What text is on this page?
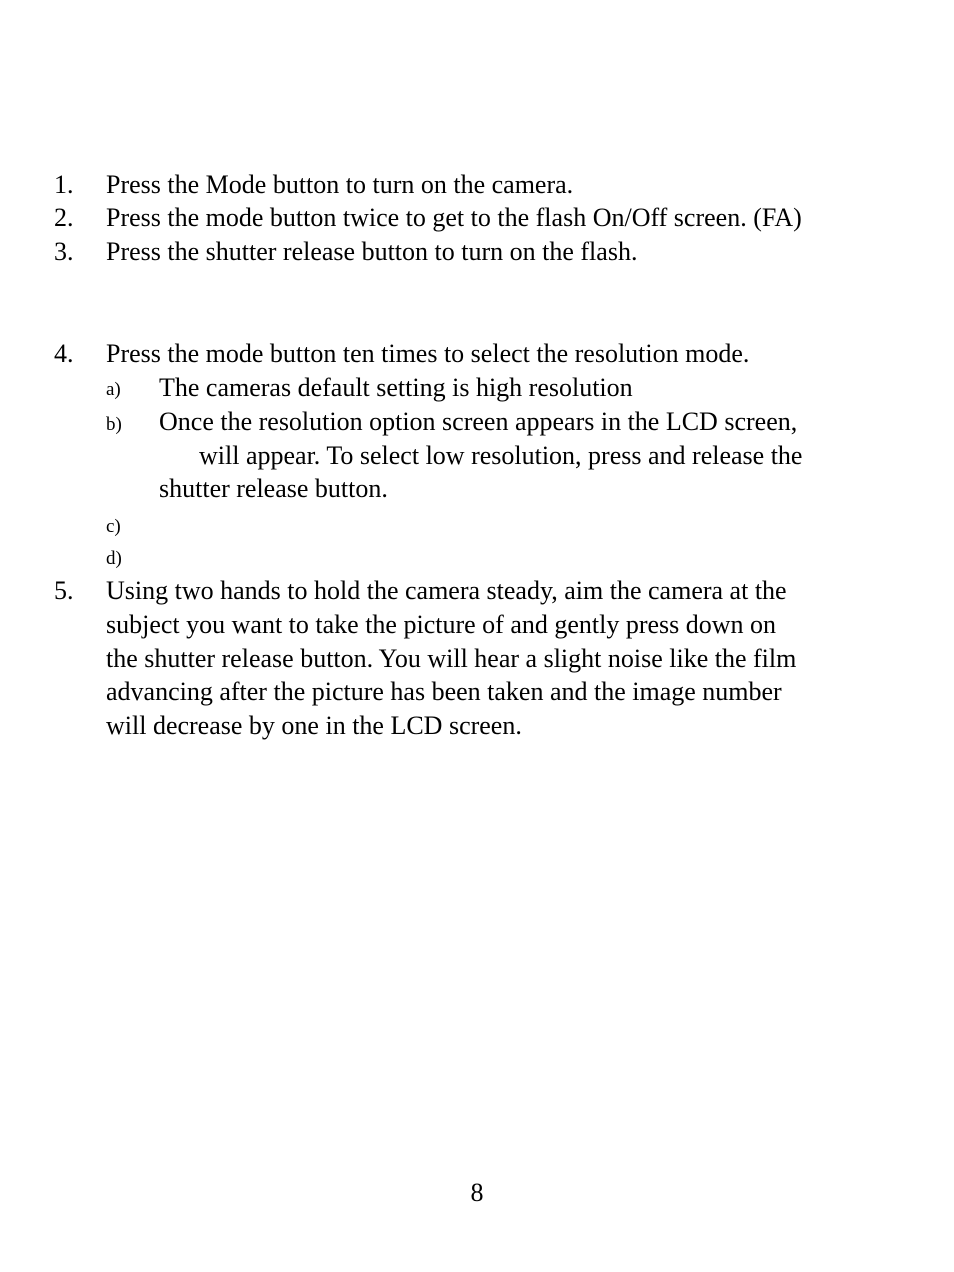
1. Press the Mode button to turn on the camera.
2. Press the mode button twice to get to the flash On/Off screen. (FA)
3. Press the shutter release button to turn on the flash.
4. Press the mode button ten times to select the resolution mode.
a) The cameras default setting is high resolution
b) Once the resolution option screen appears in the LCD screen,
will appear. To select low resolution, press and release the
shutter release button.
c)
d)
5. Using two hands to hold the camera steady, aim the camera at the
subject you want to take the picture of and gently press down on
the shutter release button. You will hear a slight noise like the film
advancing after the picture has been taken and the image number
will decrease by one in the LCD screen.
8
